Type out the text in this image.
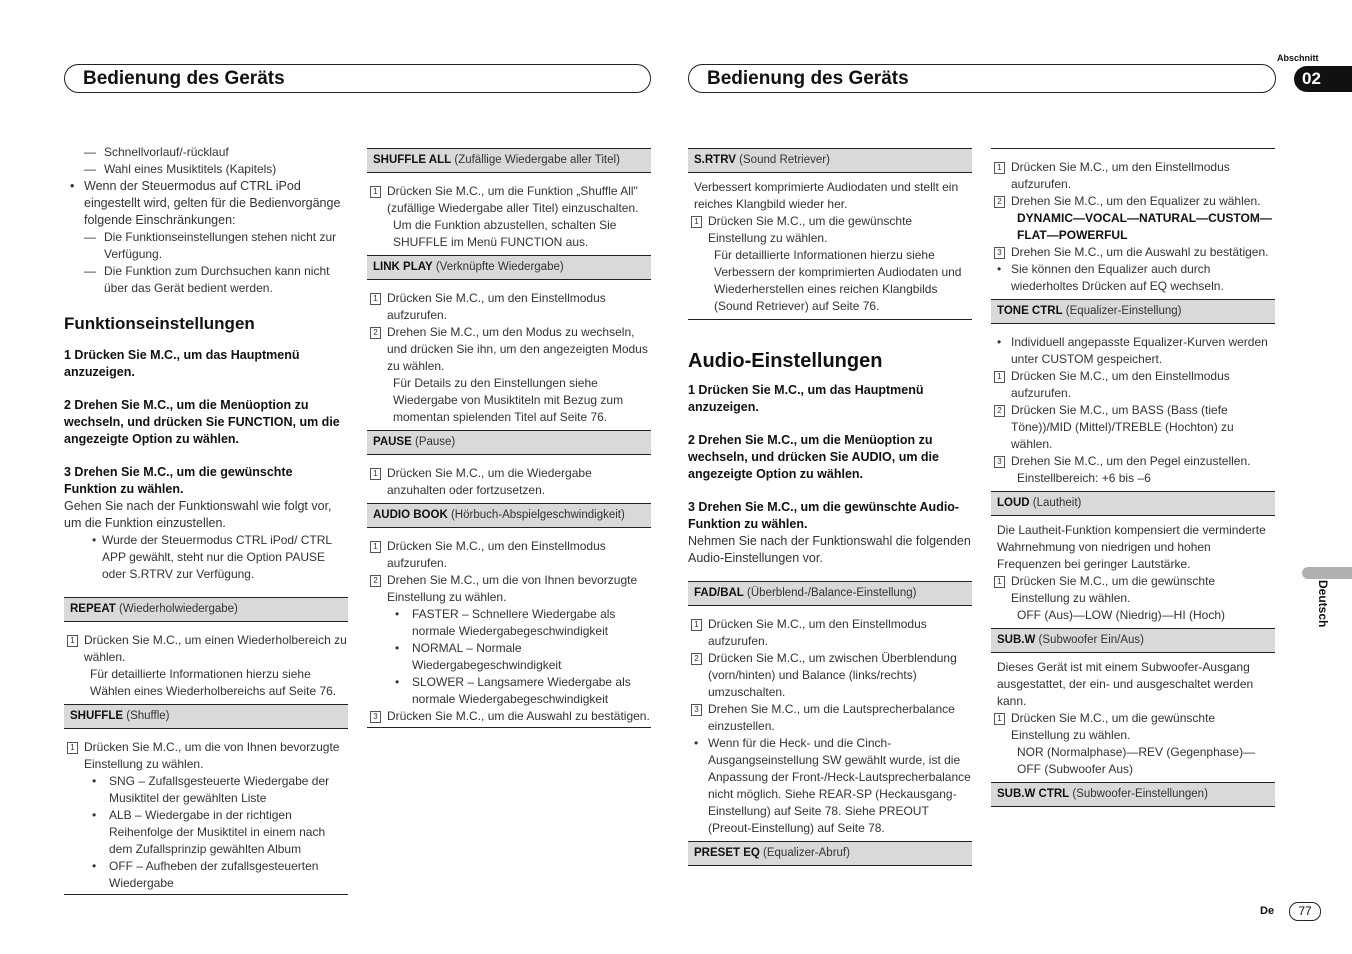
Bedienung des Geräts	Bedienung des Geräts
Abschnitt
02
Deutsch
De	77

— Schnellvorlauf/-rücklauf

— Wahl eines Musiktitels (Kapitels)

• Wenn der Steuermodus auf CTRL iPod eingestellt wird, gelten für die Bedienvorgänge folgende Einschränkungen:

— Die Funktionseinstellungen stehen nicht zur Verfügung.

— Die Funktion zum Durchsuchen kann nicht über das Gerät bedient werden.

Funktionseinstellungen

1 Drücken Sie M.C., um das Hauptmenü anzuzeigen.

2 Drehen Sie M.C., um die Menüoption zu wechseln, und drücken Sie FUNCTION, um die angezeigte Option zu wählen.

3 Drehen Sie M.C., um die gewünschte Funktion zu wählen.

Gehen Sie nach der Funktionswahl wie folgt vor, um die Funktion einzustellen.

• Wurde der Steuermodus CTRL iPod/ CTRL APP gewählt, steht nur die Option PAUSE oder S.RTRV zur Verfügung.

REPEAT (Wiederholwiedergabe)

1 Drücken Sie M.C., um einen Wiederholbereich zu wählen.

Für detaillierte Informationen hierzu siehe Wählen eines Wiederholbereichs auf Seite 76.

SHUFFLE (Shuffle)

1 Drücken Sie M.C., um die von Ihnen bevorzugte Einstellung zu wählen.

• SNG – Zufallsgesteuerte Wiedergabe der Musiktitel der gewählten Liste

• ALB – Wiedergabe in der richtigen Reihenfolge der Musiktitel in einem nach dem Zufallsprinzip gewählten Album

• OFF – Aufheben der zufallsgesteuerten Wiedergabe

SHUFFLE ALL (Zufällige Wiedergabe aller Titel)

1 Drücken Sie M.C., um die Funktion „Shuffle All" (zufällige Wiedergabe aller Titel) einzuschalten.

Um die Funktion abzustellen, schalten Sie SHUFFLE im Menü FUNCTION aus.

LINK PLAY (Verknüpfte Wiedergabe)

1 Drücken Sie M.C., um den Einstellmodus aufzurufen.

2 Drehen Sie M.C., um den Modus zu wechseln, und drücken Sie ihn, um den angezeigten Modus zu wählen.

Für Details zu den Einstellungen siehe Wiedergabe von Musiktiteln mit Bezug zum momentan spielenden Titel auf Seite 76.

PAUSE (Pause)

1 Drücken Sie M.C., um die Wiedergabe anzuhalten oder fortzusetzen.

AUDIO BOOK (Hörbuch-Abspielgeschwindigkeit)

1 Drücken Sie M.C., um den Einstellmodus aufzurufen.

2 Drehen Sie M.C., um die von Ihnen bevorzugte Einstellung zu wählen.

• FASTER – Schnellere Wiedergabe als normale Wiedergabegeschwindigkeit

• NORMAL – Normale Wiedergabegeschwindigkeit

• SLOWER – Langsamere Wiedergabe als normale Wiedergabegeschwindigkeit

3 Drücken Sie M.C., um die Auswahl zu bestätigen.

S.RTRV (Sound Retriever)

Verbessert komprimierte Audiodaten und stellt ein reiches Klangbild wieder her.

1 Drücken Sie M.C., um die gewünschte Einstellung zu wählen.

Für detaillierte Informationen hierzu siehe Verbessern der komprimierten Audiodaten und Wiederherstellen eines reichen Klangbilds (Sound Retriever) auf Seite 76.

Audio-Einstellungen

1 Drücken Sie M.C., um das Hauptmenü anzuzeigen.

2 Drehen Sie M.C., um die Menüoption zu wechseln, und drücken Sie AUDIO, um die angezeigte Option zu wählen.

3 Drehen Sie M.C., um die gewünschte Audio-Funktion zu wählen.

Nehmen Sie nach der Funktionswahl die folgenden Audio-Einstellungen vor.

FAD/BAL (Überblend-/Balance-Einstellung)

1 Drücken Sie M.C., um den Einstellmodus aufzurufen.

2 Drücken Sie M.C., um zwischen Überblendung (vorn/hinten) und Balance (links/rechts) umzuschalten.

3 Drehen Sie M.C., um die Lautsprecherbalance einzustellen.

• Wenn für die Heck- und die Cinch-Ausgangseinstellung SW gewählt wurde, ist die Anpassung der Front-/Heck-Lautsprecherbalance nicht möglich. Siehe REAR-SP (Heckausgang-Einstellung) auf Seite 78. Siehe PREOUT (Preout-Einstellung) auf Seite 78.

PRESET EQ (Equalizer-Abruf)

1 Drücken Sie M.C., um den Einstellmodus aufzurufen.

2 Drehen Sie M.C., um den Equalizer zu wählen.

DYNAMIC—VOCAL—NATURAL—CUSTOM—FLAT—POWERFUL

3 Drehen Sie M.C., um die Auswahl zu bestätigen.

• Sie können den Equalizer auch durch wiederholtes Drücken auf EQ wechseln.

TONE CTRL (Equalizer-Einstellung)

• Individuell angepasste Equalizer-Kurven werden unter CUSTOM gespeichert.

1 Drücken Sie M.C., um den Einstellmodus aufzurufen.

2 Drücken Sie M.C., um BASS (Bass (tiefe Töne))/MID (Mittel)/TREBLE (Hochton) zu wählen.

3 Drehen Sie M.C., um den Pegel einzustellen.

Einstellbereich: +6 bis –6

LOUD (Lautheit)

Die Lautheit-Funktion kompensiert die verminderte Wahrnehmung von niedrigen und hohen Frequenzen bei geringer Lautstärke.

1 Drücken Sie M.C., um die gewünschte Einstellung zu wählen.

OFF (Aus)—LOW (Niedrig)—HI (Hoch)

SUB.W (Subwoofer Ein/Aus)

Dieses Gerät ist mit einem Subwoofer-Ausgang ausgestattet, der ein- und ausgeschaltet werden kann.

1 Drücken Sie M.C., um die gewünschte Einstellung zu wählen.

NOR (Normalphase)—REV (Gegenphase)—OFF (Subwoofer Aus)

SUB.W CTRL (Subwoofer-Einstellungen)
